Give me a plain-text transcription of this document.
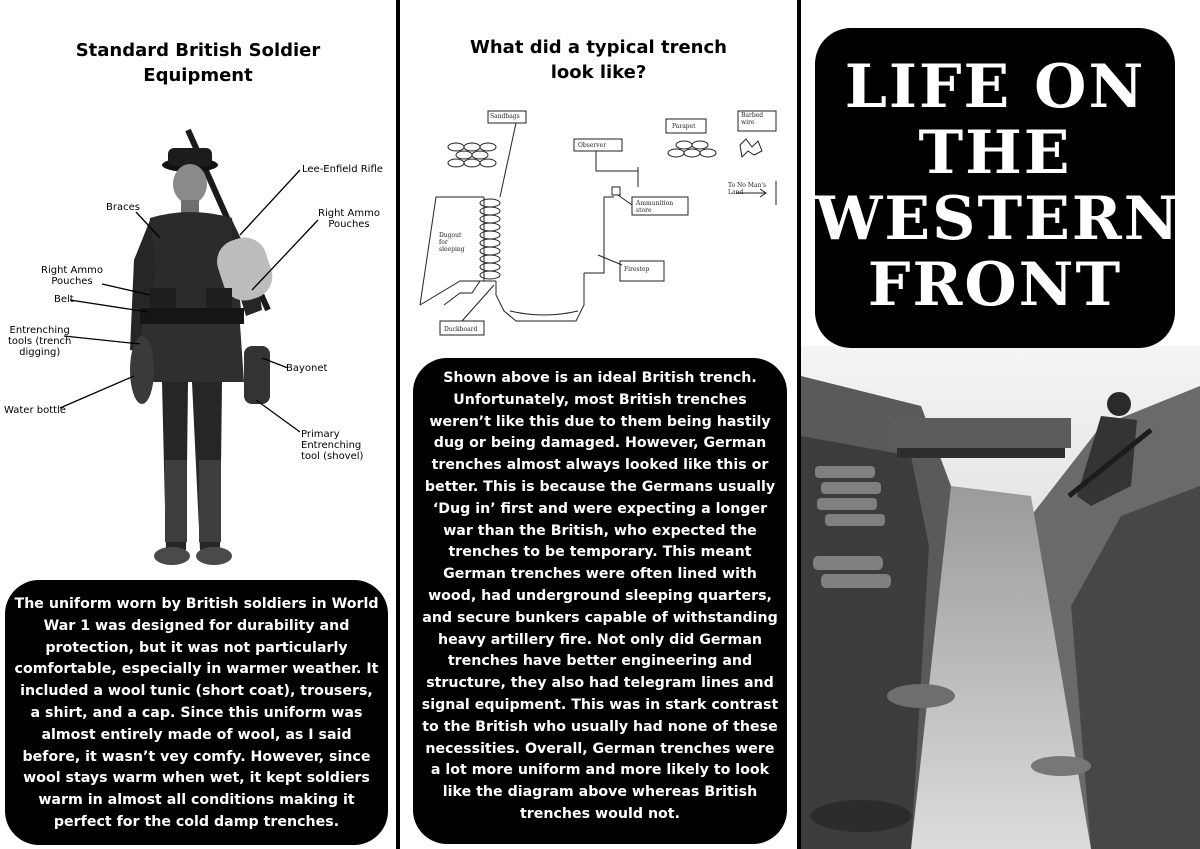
Standard British Soldier
Equipment
Lee-Enfield Rifle
Braces
Right Ammo
Pouches
Right Ammo
Pouches
Belt
Entrenching
tools (trench
digging)
Bayonet
Water bottle
Primary
Entrenching
tool (shovel)
The uniform worn by British soldiers in World War 1 was designed for durability and protection, but it was not particularly comfortable, especially in warmer weather. It included a wool tunic (short coat), trousers, a shirt, and a cap. Since this uniform was almost entirely made of wool, as I said before, it wasn’t vey comfy. However, since wool stays warm when wet, it kept soldiers warm in almost all conditions making it perfect for the cold damp trenches.
What did a typical trench
look like?
Sandbags
Parapet
Barbed
wire
Observer
To No Man's
Land
Ammunition
store
Dugout
for
sleeping
Firestep
Duckboard
Shown above is an ideal British trench. Unfortunately, most British trenches weren’t like this due to them being hastily dug or being damaged. However, German trenches almost always looked like this or better. This is because the Germans usually ‘Dug in’ first and were expecting a longer war than the British, who expected the trenches to be temporary. This meant German trenches were often lined with wood, had underground sleeping quarters, and secure bunkers capable of withstanding heavy artillery fire. Not only did German trenches have better engineering and structure, they also had telegram lines and signal equipment. This was in stark contrast to the British who usually had none of these necessities. Overall, German trenches were a lot more uniform and more likely to look like the diagram above whereas British trenches would not.
LIFE ON
THE
WESTERN
FRONT
